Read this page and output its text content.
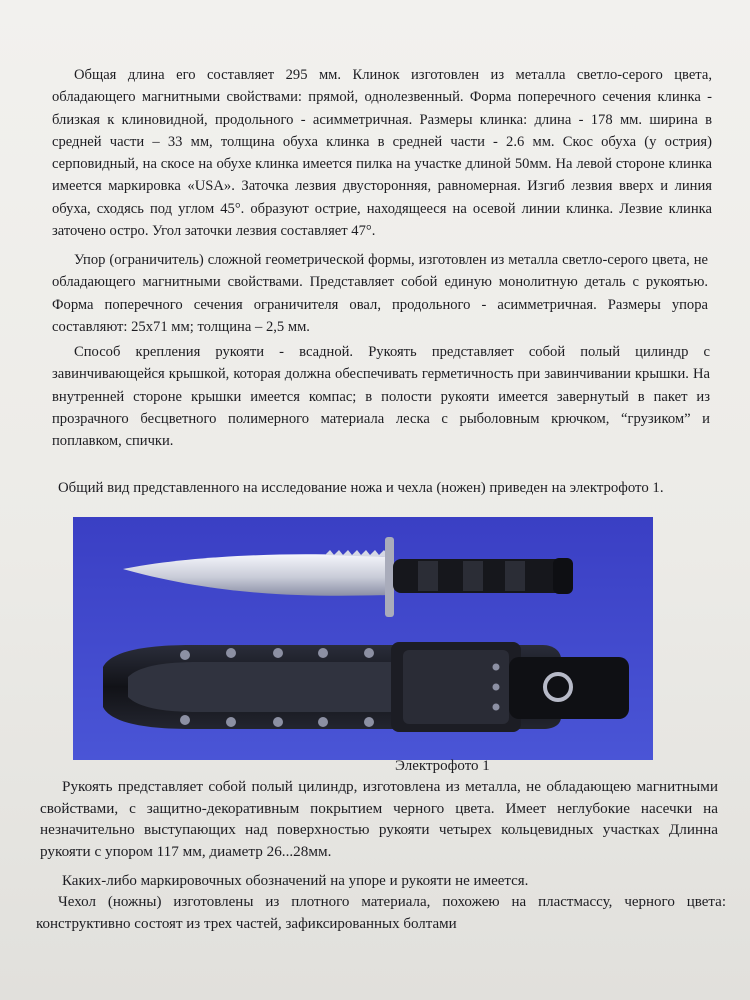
Общая длина его составляет 295 мм. Клинок изготовлен из металла светло-серого цвета, обладающего магнитными свойствами: прямой, однолезвенный. Форма поперечного сечения клинка - близкая к клиновидной, продольного - асимметричная. Размеры клинка: длина - 178 мм. ширина в средней части – 33 мм, толщина обуха клинка в средней части - 2.6 мм. Скос обуха (у острия) серповидный, на скосе на обухе клинка имеется пилка на участке длиной 50мм. На левой стороне клинка имеется маркировка «USA». Заточка лезвия двусторонняя, равномерная. Изгиб лезвия вверх и линия обуха, сходясь под углом 45°. образуют острие, находящееся на осевой линии клинка. Лезвие клинка заточено остро. Угол заточки лезвия составляет 47°.

Упор (ограничитель) сложной геометрической формы, изготовлен из металла светло-серого цвета, не обладающего магнитными свойствами. Представляет собой единую монолитную деталь с рукоятью. Форма поперечного сечения ограничителя овал, продольного - асимметричная. Размеры упора составляют: 25х71 мм; толщина – 2,5 мм.

Способ крепления рукояти - всадной. Рукоять представляет собой полый цилиндр с завинчивающейся крышкой, которая должна обеспечивать герметичность при завинчивании крышки. На внутренней стороне крышки имеется компас; в полости рукояти имеется завернутый в пакет из прозрачного бесцветного полимерного материала леска с рыболовным крючком, “грузиком” и поплавком, спички.

Общий вид представленного на исследование ножа и чехла (ножен) приведен на электрофото 1.

Электрофото 1

Рукоять представляет собой полый цилиндр, изготовлена из металла, не обладающею магнитными свойствами, с защитно-декоративным покрытием черного цвета. Имеет неглубокие насечки на незначительно выступающих над поверхностью рукояти четырех кольцевидных участках Длинна рукояти с упором 117 мм, диаметр 26...28мм.

Каких-либо маркировочных обозначений на упоре и рукояти не имеется.

Чехол (ножны) изготовлены из плотного материала, похожею на пластмассу, черного цвета: конструктивно состоят из трех частей, зафиксированных болтами
